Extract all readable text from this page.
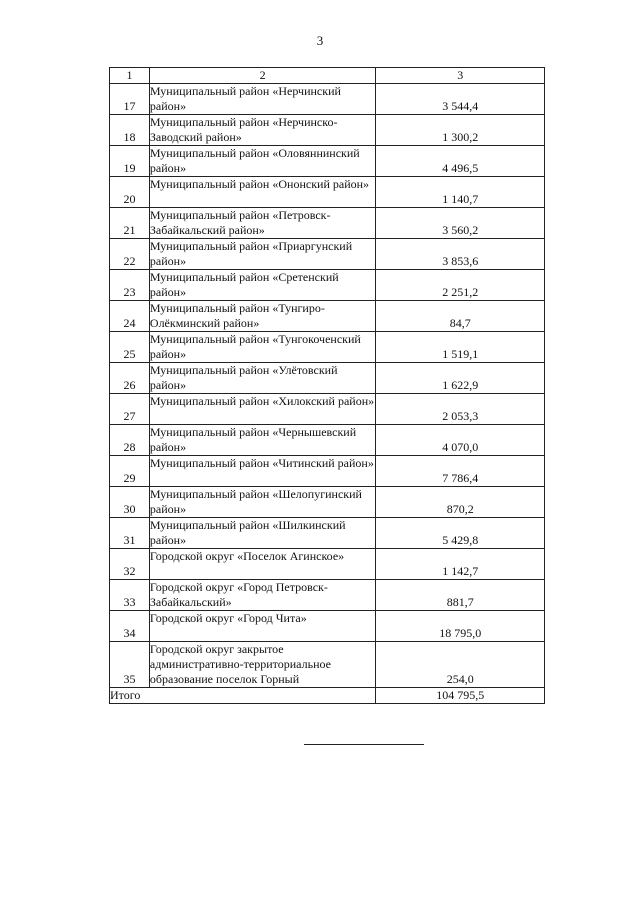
3
1	2	3
17	Муниципальный район «Нерчинский район»	3 544,4
18	Муниципальный район «Нерчинско-Заводский район»	1 300,2
19	Муниципальный район «Оловяннинский район»	4 496,5
20	Муниципальный район «Ононский район»	1 140,7
21	Муниципальный район «Петровск-Забайкальский район»	3 560,2
22	Муниципальный район «Приаргунский район»	3 853,6
23	Муниципальный район «Сретенский район»	2 251,2
24	Муниципальный район «Тунгиро-Олёкминский район»	84,7
25	Муниципальный район «Тунгокоченский район»	1 519,1
26	Муниципальный район «Улётовский район»	1 622,9
27	Муниципальный район «Хилокский район»	2 053,3
28	Муниципальный район «Чернышевский район»	4 070,0
29	Муниципальный район «Читинский район»	7 786,4
30	Муниципальный район «Шелопугинский район»	870,2
31	Муниципальный район «Шилкинский район»	5 429,8
32	Городской округ «Поселок Агинское»	1 142,7
33	Городской округ «Город Петровск-Забайкальский»	881,7
34	Городской округ «Город Чита»	18 795,0
35	Городской округ закрытое административно-территориальное образование поселок Горный	254,0
Итого		104 795,5
